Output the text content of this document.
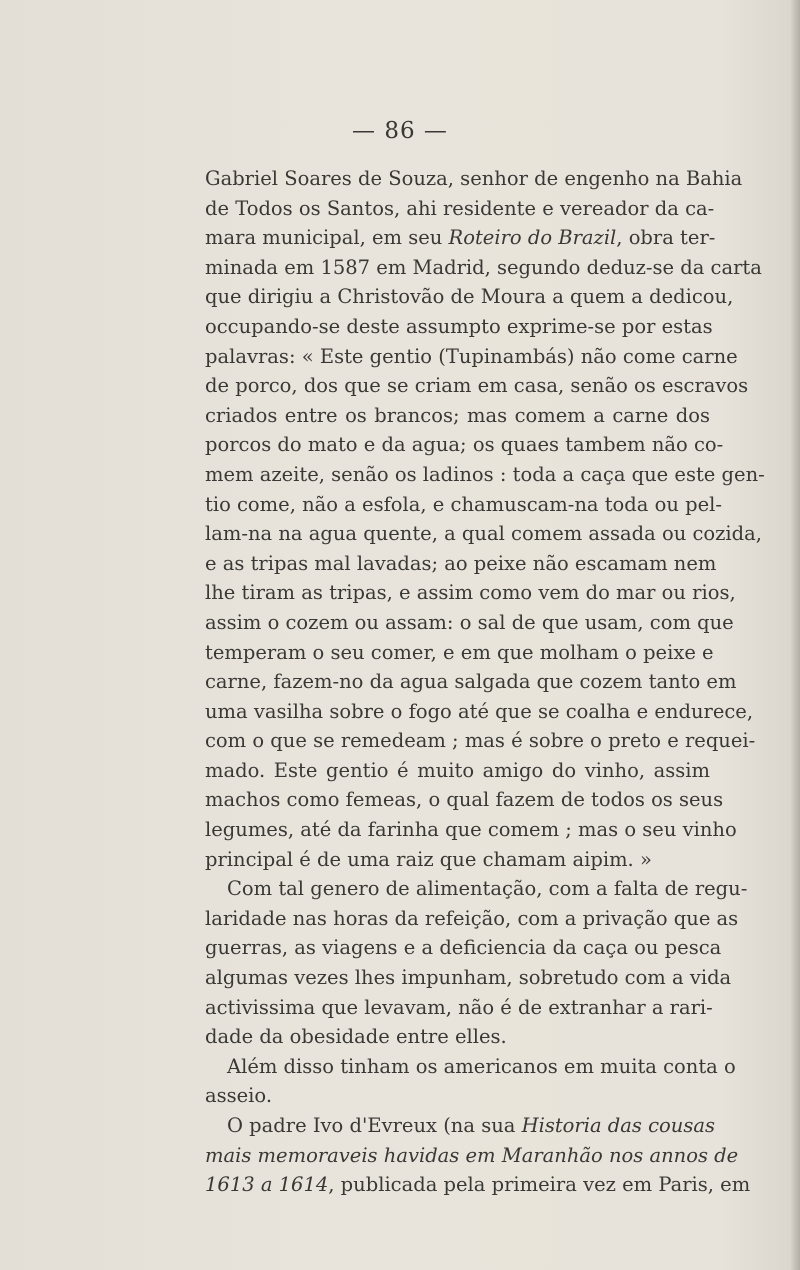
— 86 —
Gabriel Soares de Souza, senhor de engenho na Bahia
de Todos os Santos, ahi residente e vereador da ca-
mara municipal, em seu Roteiro do Brazil, obra ter-
minada em 1587 em Madrid, segundo deduz-se da carta
que dirigiu a Christovão de Moura a quem a dedicou,
occupando-se deste assumpto exprime-se por estas
palavras: « Este gentio (Tupinambás) não come carne
de porco, dos que se criam em casa, senão os escravos
criados entre os brancos; mas comem a carne dos
porcos do mato e da agua; os quaes tambem não co-
mem azeite, senão os ladinos : toda a caça que este gen-
tio come, não a esfola, e chamuscam-na toda ou pel-
lam-na na agua quente, a qual comem assada ou cozida,
e as tripas mal lavadas; ao peixe não escamam nem
lhe tiram as tripas, e assim como vem do mar ou rios,
assim o cozem ou assam: o sal de que usam, com que
temperam o seu comer, e em que molham o peixe e
carne, fazem-no da agua salgada que cozem tanto em
uma vasilha sobre o fogo até que se coalha e endurece,
com o que se remedeam ; mas é sobre o preto e requei-
mado. Este gentio é muito amigo do vinho, assim
machos como femeas, o qual fazem de todos os seus
legumes, até da farinha que comem ; mas o seu vinho
principal é de uma raiz que chamam aipim. »
Com tal genero de alimentação, com a falta de regu-
laridade nas horas da refeição, com a privação que as
guerras, as viagens e a deficiencia da caça ou pesca
algumas vezes lhes impunham, sobretudo com a vida
activissima que levavam, não é de extranhar a rari-
dade da obesidade entre elles.
Além disso tinham os americanos em muita conta o
asseio.
O padre Ivo d'Evreux (na sua Historia das cousas
mais memoraveis havidas em Maranhão nos annos de
1613 a 1614, publicada pela primeira vez em Paris, em
